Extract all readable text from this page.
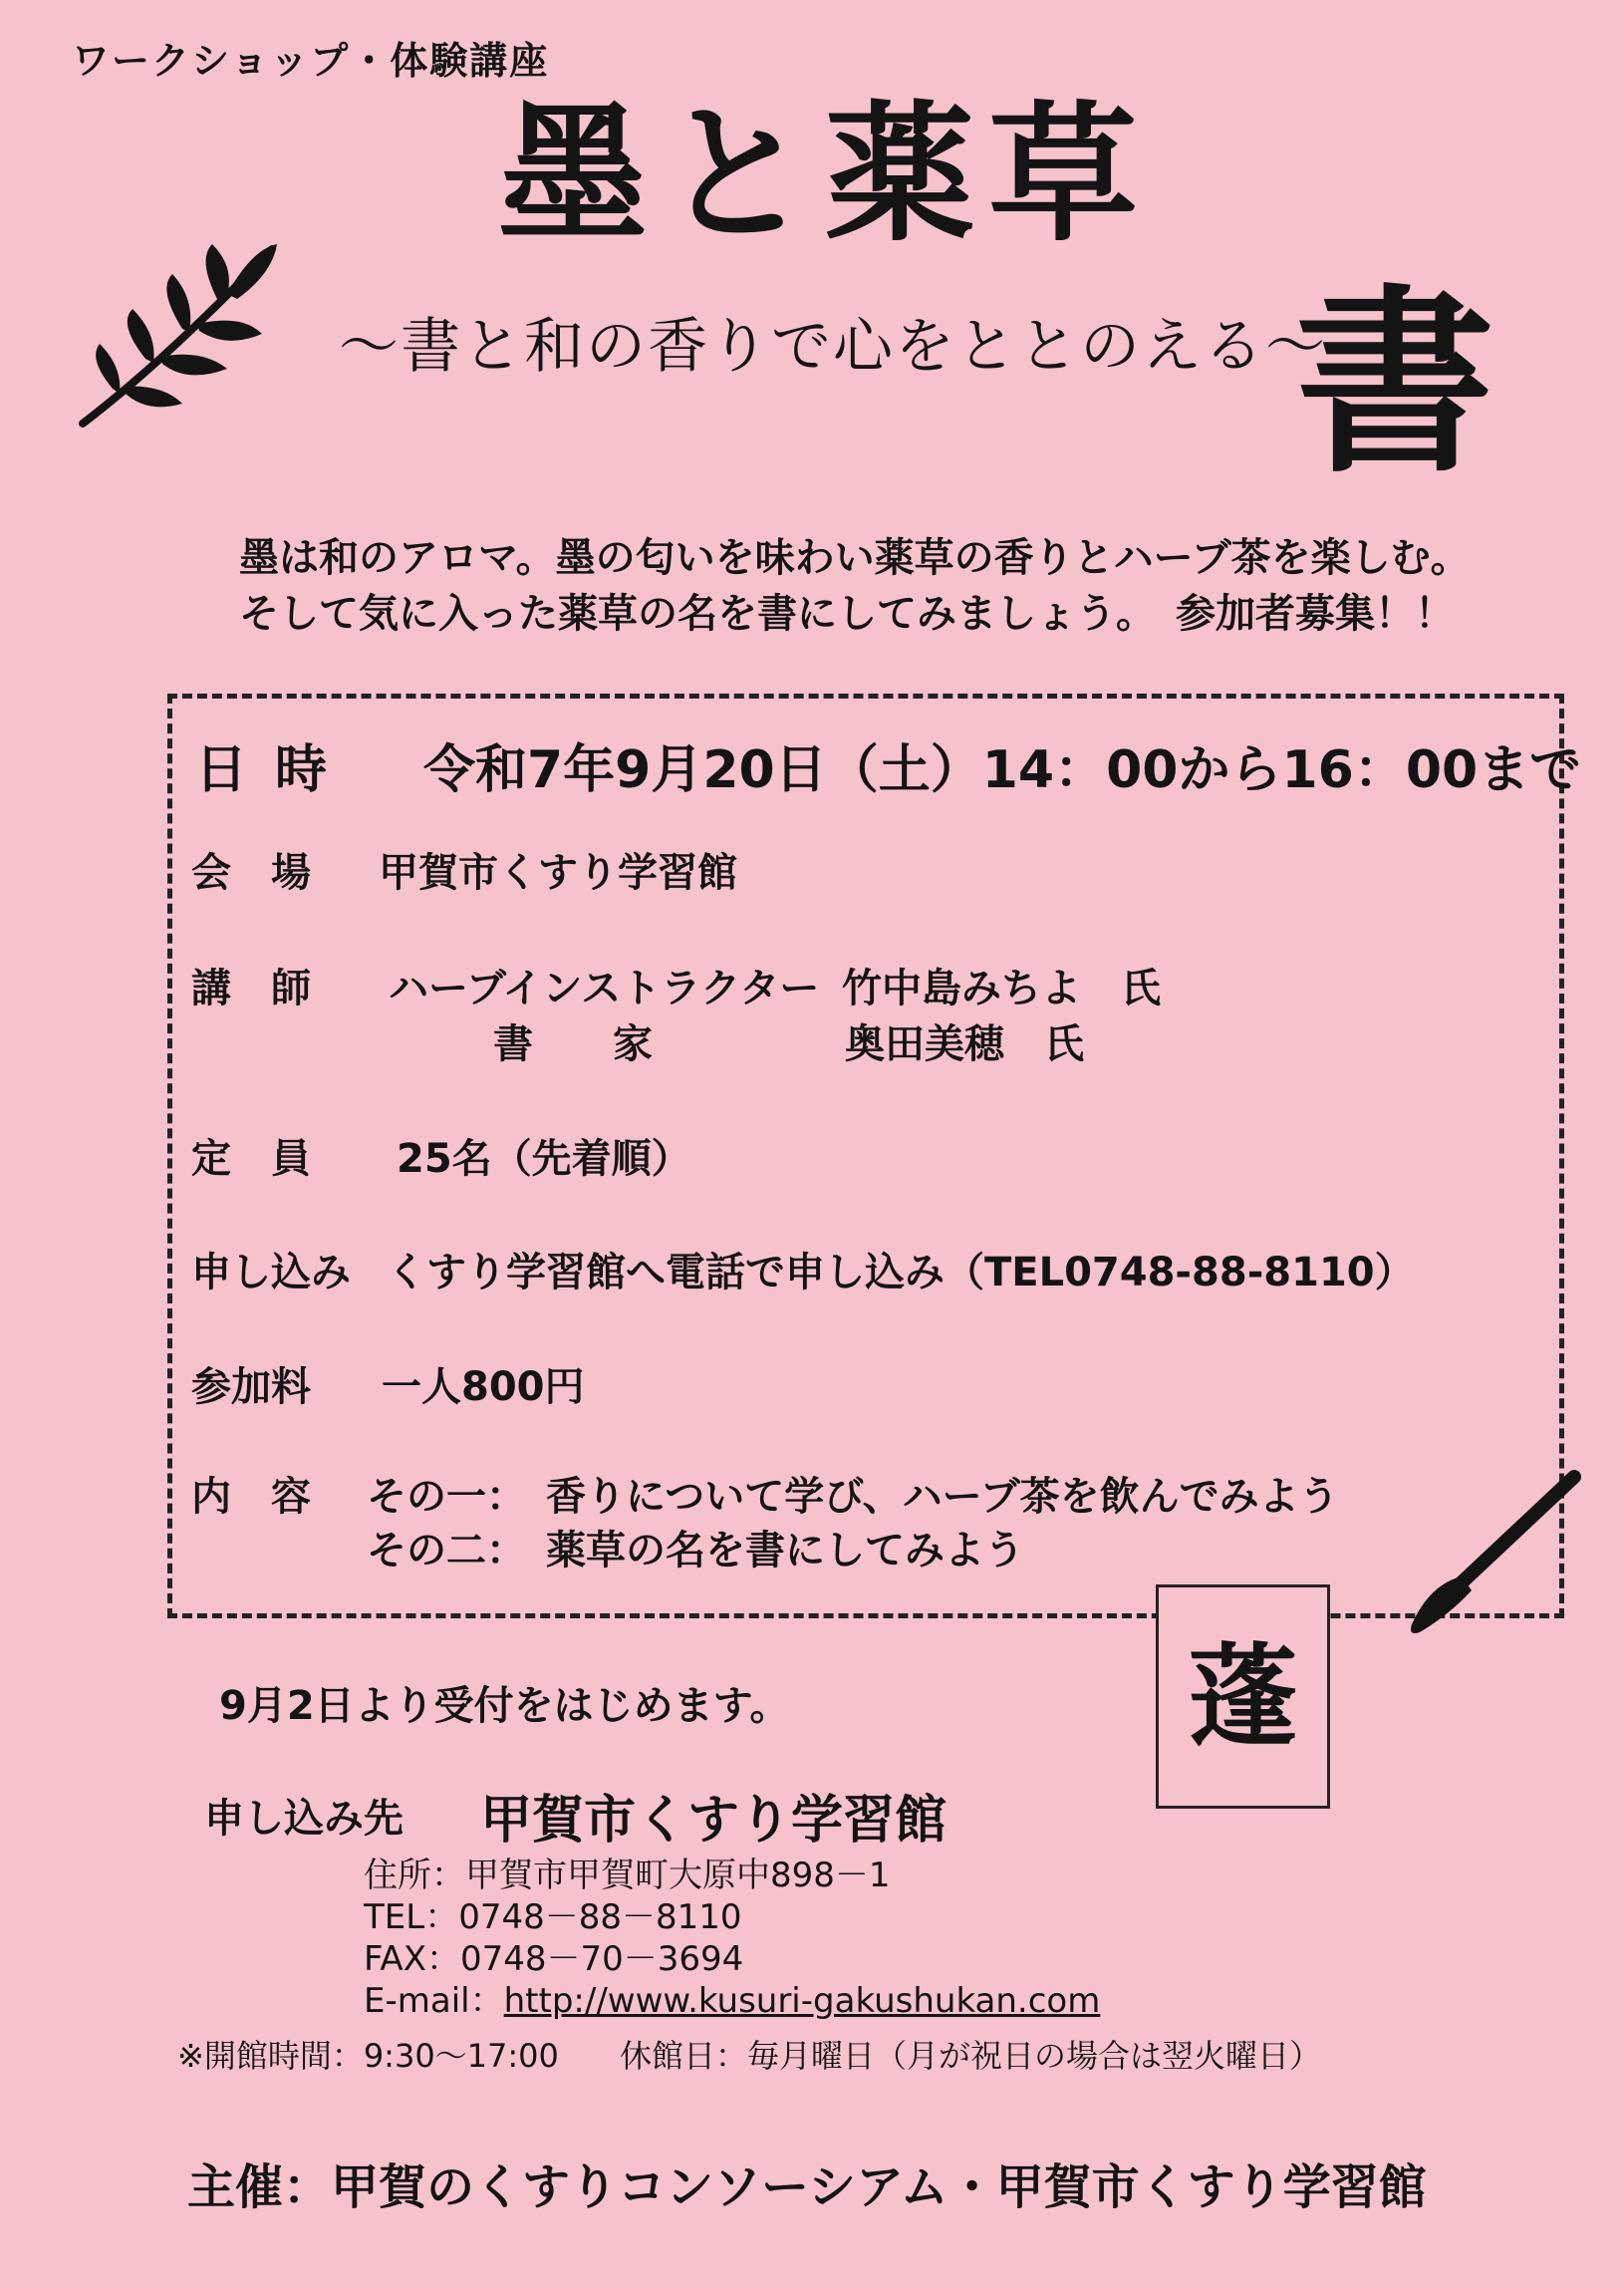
ワークショップ・体験講座
墨と薬草
～書と和の香りで心をととのえる～
書
墨は和のアロマ。墨の匂いを味わい薬草の香りとハーブ茶を楽しむ。
そして気に入った薬草の名を書にしてみましょう。　参加者募集！！
日時 令和7年9月20日（土）14：00から16：00まで
会　場 甲賀市くすり学習館
講　師 ハーブインストラクター 竹中島みちよ　氏
書　　家	奥田美穂　氏
定　員 25名（先着順）
申し込み くすり学習館へ電話で申し込み（TEL0748-88-8110）
参加料 一人800円
内　容 その一： 香りについて学び、ハーブ茶を飲んでみよう
その二： 薬草の名を書にしてみよう
蓬
9月2日より受付をはじめます。
申し込み先 甲賀市くすり学習館
住所：甲賀市甲賀町大原中898－1
TEL：0748－88－8110
FAX：0748－70－3694
E-mail：http://www.kusuri-gakushukan.com
※開館時間：9:30～17:00 休館日：毎月曜日（月が祝日の場合は翌火曜日）
主催：甲賀のくすりコンソーシアム・甲賀市くすり学習館
